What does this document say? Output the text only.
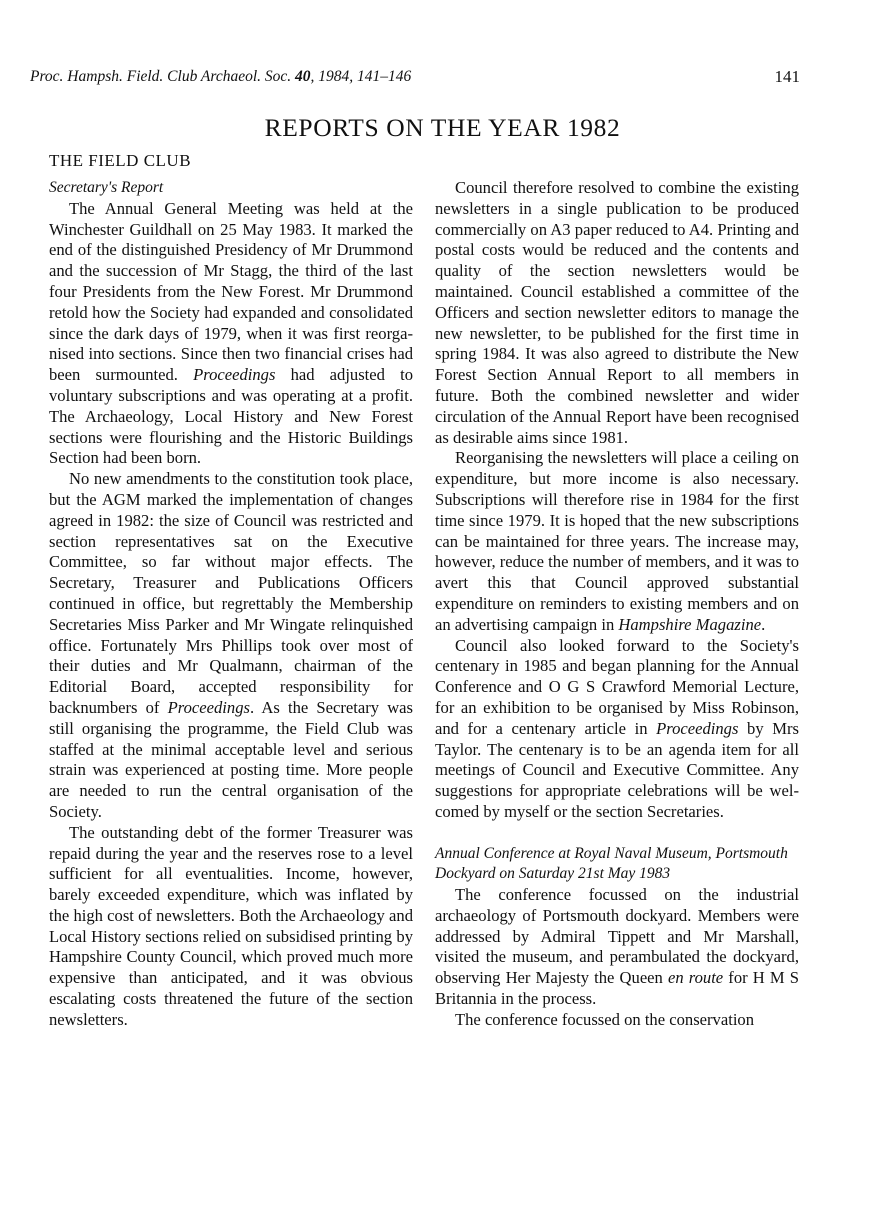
Proc. Hampsh. Field. Club Archaeol. Soc. 40, 1984, 141–146	141
REPORTS ON THE YEAR 1982
THE FIELD CLUB
Secretary's Report

The Annual General Meeting was held at the Winchester Guildhall on 25 May 1983. It marked the end of the distinguished Presidency of Mr Drummond and the succession of Mr Stagg, the third of the last four Presidents from the New Forest. Mr Drummond retold how the Society had expanded and consolidated since the dark days of 1979, when it was first reorganised into sections. Since then two financial crises had been surmounted. Proceedings had adjusted to voluntary subscriptions and was operating at a profit. The Archaeology, Local History and New Forest sections were flourishing and the Historic Buildings Section had been born.

No new amendments to the constitution took place, but the AGM marked the implementation of changes agreed in 1982: the size of Council was restricted and section representatives sat on the Executive Committee, so far without major effects. The Secretary, Treasurer and Publications Officers continued in office, but regrettably the Membership Secretaries Miss Parker and Mr Wingate relinquished office. Fortunately Mrs Phillips took over most of their duties and Mr Qualmann, chairman of the Editorial Board, accepted responsibility for backnumbers of Proceedings. As the Secretary was still organising the programme, the Field Club was staffed at the minimal acceptable level and serious strain was experienced at posting time. More people are needed to run the central organisation of the Society.

The outstanding debt of the former Treasurer was repaid during the year and the reserves rose to a level sufficient for all eventualities. Income, however, barely exceeded expenditure, which was inflated by the high cost of newsletters. Both the Archaeology and Local History sections relied on subsidised printing by Hampshire County Council, which proved much more expensive than anticipated, and it was obvious escalating costs threatened the future of the section newsletters.

Council therefore resolved to combine the existing newsletters in a single publication to be produced commercially on A3 paper reduced to A4. Printing and postal costs would be reduced and the contents and quality of the section newsletters would be maintained. Council established a committee of the Officers and section newsletter editors to manage the new newsletter, to be published for the first time in spring 1984. It was also agreed to distribute the New Forest Section Annual Report to all members in future. Both the combined newsletter and wider circulation of the Annual Report have been recognised as desirable aims since 1981.

Reorganising the newsletters will place a ceiling on expenditure, but more income is also necessary. Subscriptions will therefore rise in 1984 for the first time since 1979. It is hoped that the new subscriptions can be maintained for three years. The increase may, however, reduce the number of members, and it was to avert this that Council approved substantial expenditure on reminders to existing members and on an advertising campaign in Hampshire Magazine.

Council also looked forward to the Society's centenary in 1985 and began planning for the Annual Conference and O G S Crawford Memorial Lecture, for an exhibition to be organised by Miss Robinson, and for a centenary article in Proceedings by Mrs Taylor. The centenary is to be an agenda item for all meetings of Council and Executive Committee. Any suggestions for appropriate celebrations will be welcomed by myself or the section Secretaries.

Annual Conference at Royal Naval Museum, Portsmouth Dockyard on Saturday 21st May 1983

The conference focussed on the industrial archaeology of Portsmouth dockyard. Members were addressed by Admiral Tippett and Mr Marshall, visited the museum, and perambulated the dockyard, observing Her Majesty the Queen en route for H M S Britannia in the process.

The conference focussed on the conservation
